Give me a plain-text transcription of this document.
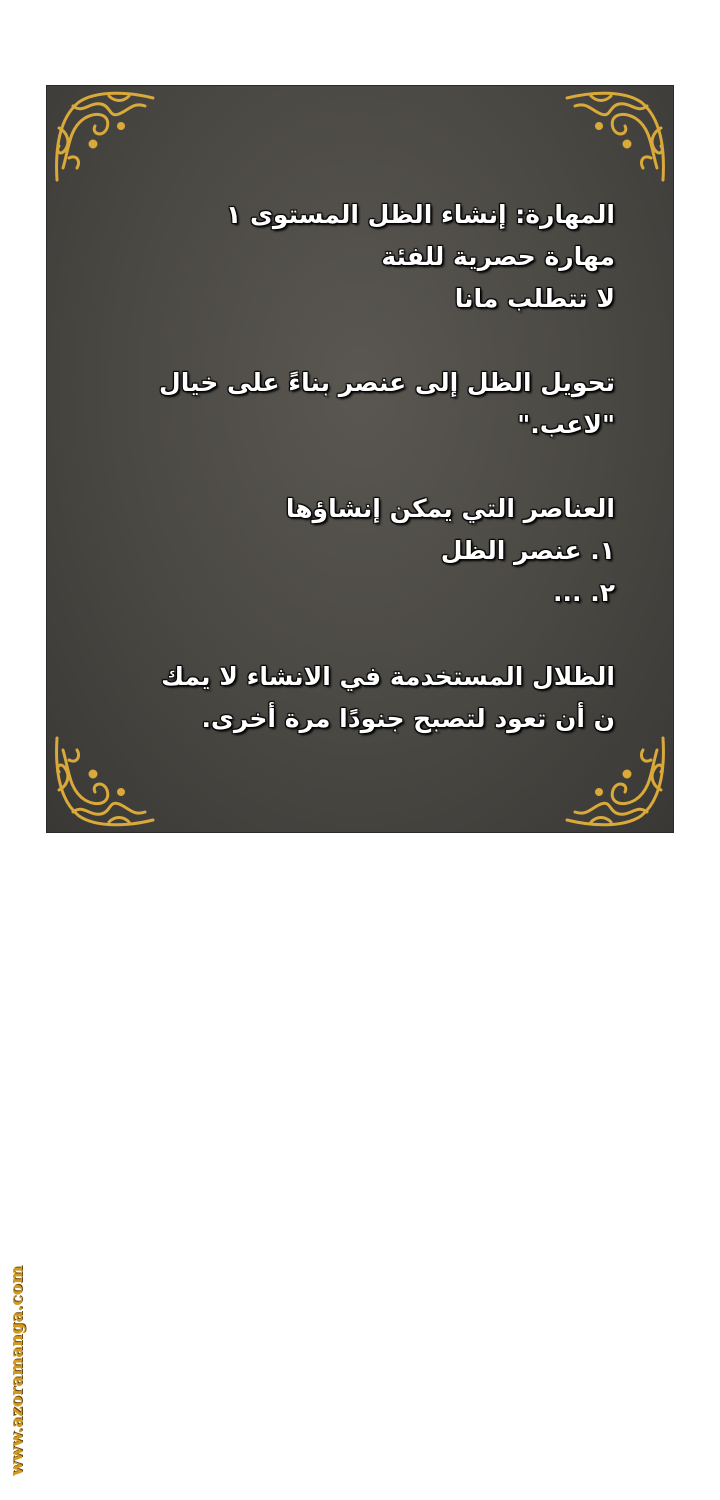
المهارة: إنشاء الظل المستوى ١
مهارة حصرية للفئة
لا تتطلب مانا
تحويل الظل إلى عنصر بناءً على خيال
"لاعب."
العناصر التي يمكن إنشاؤها
١. عنصر الظل
٢. ...
الظلال المستخدمة في الانشاء لا يمك
ن أن تعود لتصبح جنودًا مرة أخرى.
www.azoramanga.com
